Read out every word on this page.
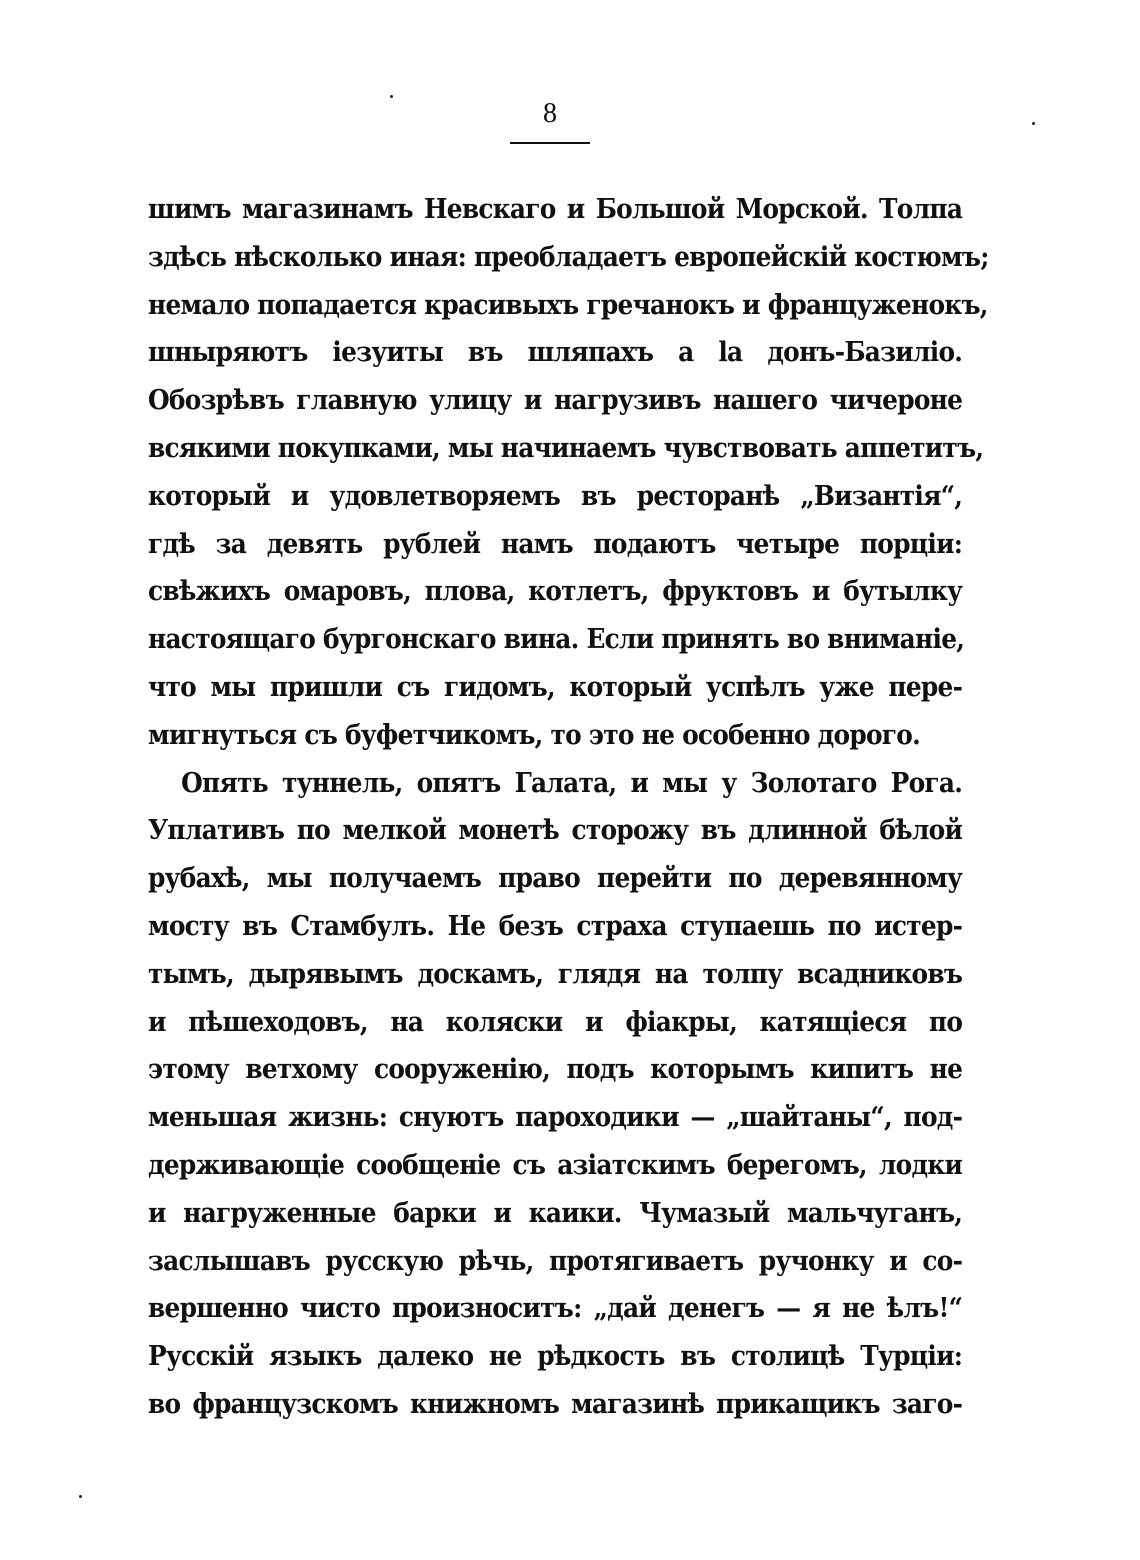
8
шимъ магазинамъ Невскаго и Большой Морской. Толпа
здѣсь нѣсколько иная: преобладаетъ европейскій костюмъ;
немало попадается красивыхъ гречанокъ и француженокъ,
шныряютъ іезуиты въ шляпахъ a la донъ-Базиліо.
Обозрѣвъ главную улицу и нагрузивъ нашего чичероне
всякими покупками, мы начинаемъ чувствовать аппетитъ,
который и удовлетворяемъ въ ресторанѣ „Византія“,
гдѣ за девять рублей намъ подаютъ четыре порціи:
свѣжихъ омаровъ, плова, котлетъ, фруктовъ и бутылку
настоящаго бургонскаго вина. Если принять во вниманіе,
что мы пришли съ гидомъ, который успѣлъ уже пере-
мигнуться съ буфетчикомъ, то это не особенно дорого.
Опять туннель, опятъ Галата, и мы у Золотаго Рога.
Уплативъ по мелкой монетѣ сторожу въ длинной бѣлой
рубахѣ, мы получаемъ право перейти по деревянному
мосту въ Стамбулъ. Не безъ страха ступаешь по истер-
тымъ, дырявымъ доскамъ, глядя на толпу всадниковъ
и пѣшеходовъ, на коляски и фіакры, катящіеся по
этому ветхому сооруженію, подъ которымъ кипитъ не
меньшая жизнь: снуютъ пароходики — „шайтаны“, под-
держивающіе сообщеніе съ азіатскимъ берегомъ, лодки
и нагруженные барки и каики. Чумазый мальчуганъ,
заслышавъ русскую рѣчь, протягиваетъ ручонку и со-
вершенно чисто произноситъ: „дай денегъ — я не ѣлъ!“
Русскій языкъ далеко не рѣдкость въ столицѣ Турціи:
во французскомъ книжномъ магазинѣ прикащикъ заго-
